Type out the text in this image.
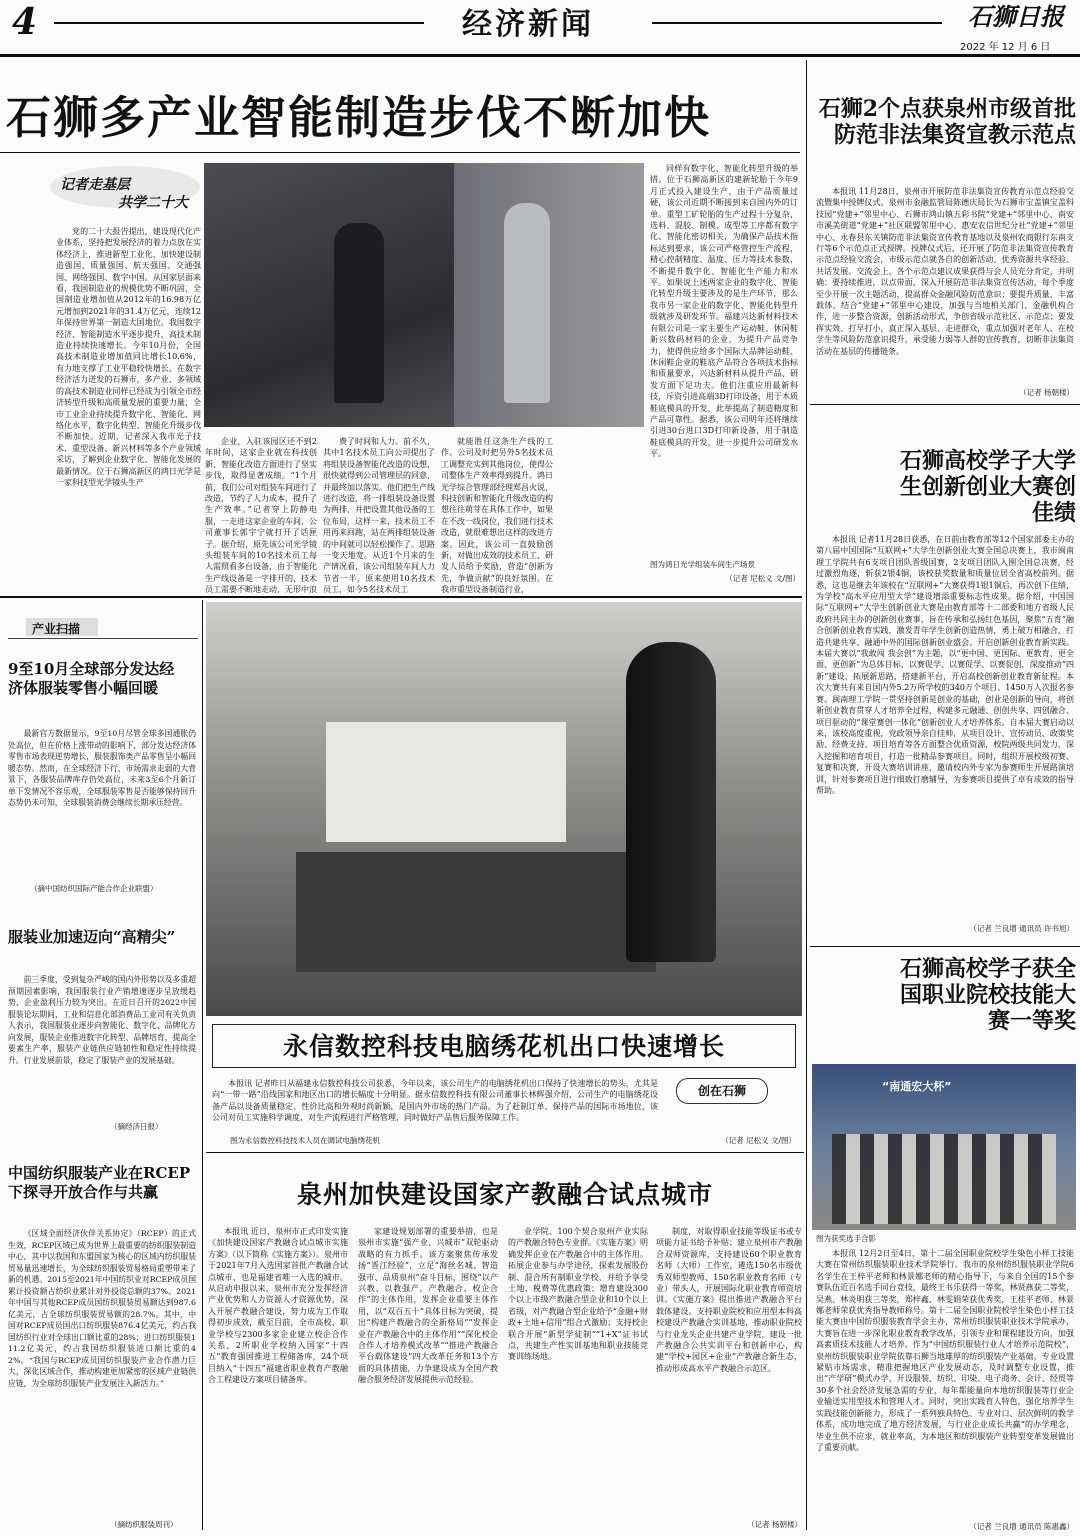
4	经济新闻	石狮日报
2022 年 12 月 6 日
石狮多产业智能制造步伐不断加快
记者走基层
共学二十大

党的二十大报告提出，建设现代化产业体系，坚持把发展经济的着力点放在实体经济上，推进新型工业化，加快建设制造强国、质量强国、航天强国、交通强国、网络强国、数字中国。从国家层面来看，我国制造业的规模优势不断巩固，全国制造业增加值从2012年的16.98万亿元增加到2021年的31.4万亿元，连续12年保持世界第一制造大国地位。我国数字经济、智能制造水平逐步提升，高技术制造业持续快速增长。今年10月份，全国高技术制造业增加值同比增长10.6%，有力地支撑了工业平稳较快增长。在数字经济活力迸发的石狮市，多产业、多领域的高技术制造业同样已经成为引领全市经济转型升级和高质量发展的重要力量，全市工业企业持续提升数字化、智能化、网络化水平，数字化转型、智能化升级步伐不断加快。近期，记者深入我市光子技术、重型设备、新兴材料等多个产业领域采访，了解到企业数字化、智能化发展的最新情况。位于石狮高新区的鸿日光学是一家科技型光学镜头生产

企业，入驻该园区还不到2年时间，这家企业就在科技创新、智能化改造方面进行了坚实步伐，取得显著成绩。“1个月前，我们公司对组装车间进行了改造，节约了人力成本，提升了生产效率。”记者穿上防静电服，一走进这家企业的车间，公司董事长郭宇宁就打开了话匣子。据介绍，原先该公司光学镜头组装车间的10名技术员工每人需照看多台设备，由于智能化生产线设备是一字排开的，技术员工需要不断地走动，无形中浪

费了时间和人力。前不久，其中1名技术员工向公司提出了将组装设备智能化改造的设想，很快就得到公司管理层的同意，并最终加以落实。他们把生产线进行改造，将一排组装设备设置为两排，并把设置其他设备的工位布局，这样一来，技术员工不用再来回跑，站在两排组装设备的中间就可以轻松操作了。思路一变天地宽。从近1个月来的生产情况看，该公司组装车间人力节省一半，原来使用10名技术员工，如今5名技术员工

就能胜任这条生产线的工作。公司及时把另外5名技术员工调整充实到其他岗位，使得公司整体生产效率得到提升。鸿日光学综合管理部经理郑昌火说，科技创新和智能化升级改造的构想往往萌芽在具体工作中，如果在不改一线岗位，我们进行技术改造，就很难想出这样的改进方案。因此，该公司一直鼓励创新，对做出成效的技术员工、研发人员给予奖励，营造“创新为先，争做贡献”的良好氛围。在我市重型设备制造行业，

同样有数字化、智能化转型升级的举措。位于石狮高新区的建新轮胎于今年9月正式投入建设生产，由于产品质量过硬，该公司近期不断接到来自国内外的订单。重型工矿轮胎的生产过程十分复杂，选料、混胶、制模、成型等工序都有数字化、智能化密切相关，为确保产品技术指标达到要求，该公司严格管控生产流程，精心控制精度、温度、压力等技术参数，不断提升数字化、智能化生产能力和水平。如果说上述两家企业的数字化、智能化转型升级主要涉及的是生产环节，那么我市另一家企业的数字化、智能化转型升级就涉及研发环节。福建兴达新材料技术有限公司是一家主要生产运动鞋、休闲鞋新兴数码材料的企业，为提升产品竞争力，使得供应给多个国际大品牌运动鞋、休闲鞋企业的鞋底产品符合各项技术指标和质量要求，兴达新材料从提升产品、研发方面下足功夫。他们注重应用最新科技，斥资引进高端3D打印设备，用于木质鞋底模具的开发，此举提高了制造精度和产品可靠性。据悉，该公司明年还将继续引进30台进口3D打印新设备，用于制造鞋底模具的开发，进一步提升公司研发水平。

图为鸿日光学组装车间生产场景
（记者 尼松义 文/图）
石狮2个点获泉州市级首批防范非法集资宣教示范点

本报讯 11月28日，泉州市开展防范非法集资宣传教育示范点经验交流暨集中授牌仪式。泉州市金融监管局陈德庆局长为石狮市宝盖镇宝盖科技园“党建+”邻里中心、石狮市鸿山镇五彩书院“党建+”邻里中心、南安市溪美街道“党建+”社区联盟邻里中心、惠安农信世纪分社“党建+”邻里中心、永春县东关镇防范非法集资宣传教育基地以及泉州农商银行东南支行等6个示范点正式授牌。授牌仪式后，还开展了防范非法集资宣传教育示范点经验交流会，市级示范点就各自的创新活动、优秀资源共享经验、共话发展。交流会上，各个示范点建议成果获得与会人员充分肯定，并明确：要持续推进，以点带面，深入开展防范非法集资宣传活动，每个季度至少开展一次主题活动，提高群众金融风险防范意识；要提升质量、丰富载体，结合“党建+”邻里中心建设，加强与当地相关部门、金融机构合作，进一步整合资源，创新活动形式，争创省级示范社区、示范点；要发挥实效、打早打小，真正深入基层、走进群众，重点加强对老年人、在校学生等风险防范意识提升，承受能力弱等人群的宣传教育，切断非法集资活动在基层的传播链条。

（记者 杨朝楼）
石狮高校学子大学生创新创业大赛创佳绩

本报讯 记者11月28日获悉，在日前由教育部等12个国家部委主办的第八届中国国际“互联网+”大学生创新创业大赛全国总决赛上，我市闽南理工学院共有6支项目团队晋级国赛，2支项目团队入围全国总决赛，经过激烈角逐，斩获2银4铜，该校获奖数量和质量位居全省高校前列。据悉，这也是继去年该校在“互联网+”大赛获得1银1铜后，再次创下佳绩，为学校“高水平应用型大学”建设增添重要标志性成果。据介绍，中国国际“互联网+”大学生创新创业大赛是由教育部等十二部委和地方省级人民政府共同主办的创新创业赛事，旨在传承和弘扬红色基因，聚焦“五育”融合创新创业教育实践，激发青年学生创新创造热情，勇上破万相融合，打造共建共享、融通中外的国际创新创业盛会。开启创新创业教育新实践。本届大赛以“我敢闯 我会创”为主题，以“更中国、更国际、更教育、更全面、更创新”为总体目标，以赛促学、以赛促学、以赛促创，深度推动“四新”建设，拓展新思路，搭建新平台，开启高校创新创业教育新征程。本次大赛共有来自国内外5.2万所学校的340万个项目、1450万人次报名参赛。闽南理工学院一贯坚持创新是创业的基础，创业是创新的导向，将创新创业教育贯穿人才培养全过程，构建多元融通、创创共享、四创融合、项目驱动的“课堂赛创一体化”创新创业人才培养体系。自本届大赛启动以来，该校高度重视，党政领导亲自挂帅，从项目设计、宣传动员、政策奖励、经费支持、项目培育等各方面整合优质资源，校院两级共同发力，深入挖掘和培育项目，打造一批精品参赛项目。同时，组织开展校级初赛、复赛和决赛，开设大赛培训讲座，邀请校内外专家为参赛师生开展路演培训，针对参赛项目进行细致打磨辅导，为参赛项目提供了卓有成效的指导帮助。

（记者 兰良增 通讯员 许书旭）
石狮高校学子获全国职业院校技能大赛一等奖
“南通宏大杯”
图为获奖选手合影

本报讯 12月2日至4日，第十二届全国职业院校学生染色小样工技能大赛在常州纺织服装职业技术学院举行。我市的泉州纺织服装职业学院6名学生在王梓平老师和林景娜老师的精心指导下，与来自全国的15个参赛队伍近百名选手同台竞技，最终王书乐获得一等奖，林贤燕获二等奖，吴燕、林炎明获三等奖，郑梓鑫、林雯娟荣获优秀奖，王桂平老师、林景娜老师荣获优秀指导教师称号。第十二届全国职业院校学生染色小样工技能大赛由中国纺织服装教育学会主办，常州纺织服装职业技术学院承办，大赛旨在进一步深化职业教育教学改革，引领专业和课程建设方向，加强高素质技术技能人才培养。作为“中国纺织服装行业人才培养示范院校”，泉州纺织服装职业学院依靠石狮当地雄厚的纺织服装产业基础，专业设置紧贴市场需求，精准把握地区产业发展动态，及时调整专业设置，推出“产学研”模式办学，开设服装、纺织、印染、电子商务、会计、经贸等30多个社会经济发展急需的专业，每年都能量向本地纺织服装等行业企业输送实用型技术和管理人才。同时，突出实践育人特色，强化培养学生实践技能创新能力，形成了一系列独具特色、专业对口、层次鲜明的教学体系，成功地完成了地方经济发展，与行业企业成长共赢“的办学理念，毕业生供不应求，就业率高，为本地区和纺织服装产业转型变革发展做出了重要贡献。

（记者 兰良增 通讯员 陈惠鑫）
产业扫描
9至10月全球部分发达经济体服装零售小幅回暖

最新官方数据显示，9至10月尽管全球多国通胀仍处高位，但在价格上涨带动的影响下，部分发达经济体零售市场表现逆势增长，服装服饰类产品零售呈小幅回暖态势。然而，在全球经济下行、市场需求走弱的大背景下，各服装品牌库存仍处高位，未来3至6个月新订单下发情况不容乐观，全球服装零售是否能够保持回升态势仍未可知，全球服装消费会继续长期承压经营。

（摘中国纺织国际产能合作企业联盟）
服装业加速迈向“高精尖”

前三季度，受到复杂严峻的国内外形势以及多重超预期因素影响，我国服装行业产销增速逐步呈放缓趋势，企业盈利压力较为突出。在近日召开的2022中国服装论坛期间，工业和信息化部消费品工业司有关负责人表示，我国服装业逐步向智能化、数字化、品牌化方向发展，服装企业推进数字化转型、品牌培育，提高全要素生产率，服装产业链供应链韧性和稳定性持续提升。行业发展前景，稳定了服装产业的发展基础。

（摘经济日报）
中国纺织服装产业在RCEP下探寻开放合作与共赢

《区域全面经济伙伴关系协定》（RCEP）的正式生效，RCEP区域已成为世界上最重要的纺织服装制造中心，其中以我国和东盟国家为核心的区域内纺织服装贸易量迅速增长，为全球纺织服装贸易格局重塑带来了新的机遇。2015至2021年中国纺织业对RCEP成员国累计投资额占纺织业累计对外投资总额的37%。2021年中国与其他RCEP成员国纺织服装贸易额达到987.6亿美元，占全球纺织服装贸易额的28.7%。其中，中国对RCEP成员国出口纺织服装876.4亿美元，约占我国纺织行业对全球出口额比重的28%；进口纺织服装111.2亿美元，约占我国纺织服装进口额比重的42%。“我国与RCEP成员国纺织服装产业合作潜力巨大，深化区域合作，推动构建更加紧密的区域产业链供应链，为全球纺织服装产业发展注入新活力。”

（摘纺织服装周刊）
永信数控科技电脑绣花机出口快速增长

本报讯 记者昨日从福建永信数控科技公司获悉，今年以来，该公司生产的电脑绣花机出口保持了快速增长的势头，尤其是向“一带一路”沿线国家和地区出口的增长幅度十分明显。据永信数控科技有限公司董事长林辉强介绍，公司生产的电脑绣花设备产品以设备质量稳定、性价比高和外观时尚新颖，是国内外市场的热门产品。为了赶制订单、保持产品的国际市场地位，该公司对员工实施科学调度，对生产流程进行严格管理，同时做好产品售后服务保障工作。

创在石狮
图为永信数控科技技术人员在调试电脑绣花机	（记者 尼松义 文/图）
泉州加快建设国家产教融合试点城市

本报讯 近日，泉州市正式印发实施《加快建设国家产教融合试点城市实施方案》（以下简称《实施方案》）。泉州市于2021年7月入选国家首批产教融合试点城市，也是福建省唯一入选的城市。从启动申报以来，泉州市充分发挥经济产业优势和人力资源人才资源优势，深入开展产教融合建设，努力成为工作取得初步成效，截至目前，全市高校、职业学校与2300多家企业建立校企合作关系，2所职业学校纳入国家“十四五”教育强国推进工程储备库，24个项目纳入“十四五”福建省职业教育产教融合工程建设方案项目储备库。

家建设规划部署的重要举措，也是泉州市实施“强产业、兴城市”双轮驱动战略的有力抓手。该方案聚焦传承发扬“晋江经验”，立足“海丝名城、智造强市、品质泉州”奋斗目标，围绕“以产兴教、以教强产，产教融合、校企合作”的主体作用，发挥企业重要主体作用，以“双百五十”具体目标为突破，提出“构建产教融合的全新格局”“发挥企业在产教融合中的主体作用”“深化校企合作人才培养模式改革”“推进产教融合平台载体建设”四大改革任务和13个方面的具体措施，力争建设成为全国产教融合服务经济发展提供示范经验。

业学院、100个契合泉州产业实际的产教融合特色专业群。《实施方案》明确发挥企业在产教融合中的主体作用。拓展企业参与办学途径，探索发展股份制、混合所有制职业学校，并给予享受土地、税费等优惠政策；增育建设300个以上市级产教融合型企业和10个以上省级，对产教融合型企业给予“金融+财政+土地+信用”组合式激励；支持校企联合开展“新型学徒制”“1+X”证书试点，共建生产性实训基地和职业技能竞赛训练场地。

制度，对取得职业技能等级证书或专项能力证书给予补贴；建立泉州市产教融合双师资源库，支持建设60个职业教育名师（大师）工作室，遴选150名市级优秀双师型教师、150名职业教育名师（专业）带头人，开展国际化职业教育师资培训。《实施方案》提出推进产教融合平台载体建设。支持职业院校和应用型本科高校建设产教融合实训基地，推动职业院校与行业龙头企业共建产业学院，建设一批产教融合公共实训平台和创新中心，构建“学校+园区+企业”产教融合新生态，推动形成高水平产教融合示范区。

（记者 杨朝楼）
